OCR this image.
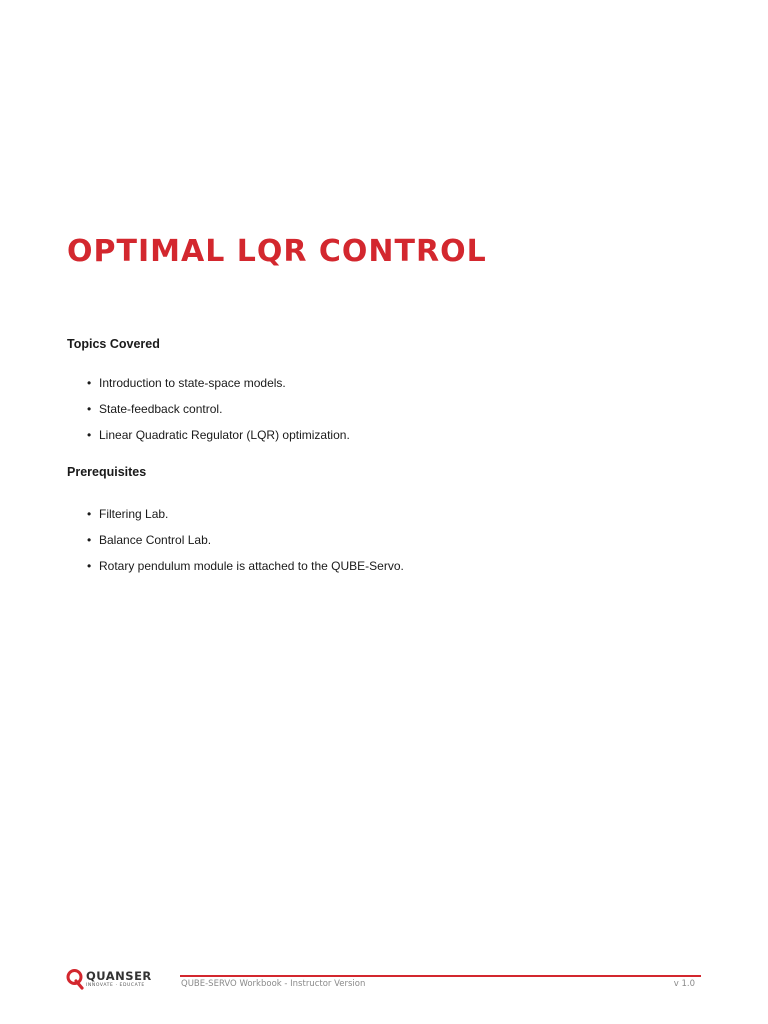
OPTIMAL LQR CONTROL
Topics Covered
• Introduction to state-space models.
• State-feedback control.
• Linear Quadratic Regulator (LQR) optimization.
Prerequisites
• Filtering Lab.
• Balance Control Lab.
• Rotary pendulum module is attached to the QUBE-Servo.
QUANSER
INNOVATE · EDUCATE	QUBE-SERVO Workbook - Instructor Version	v 1.0
